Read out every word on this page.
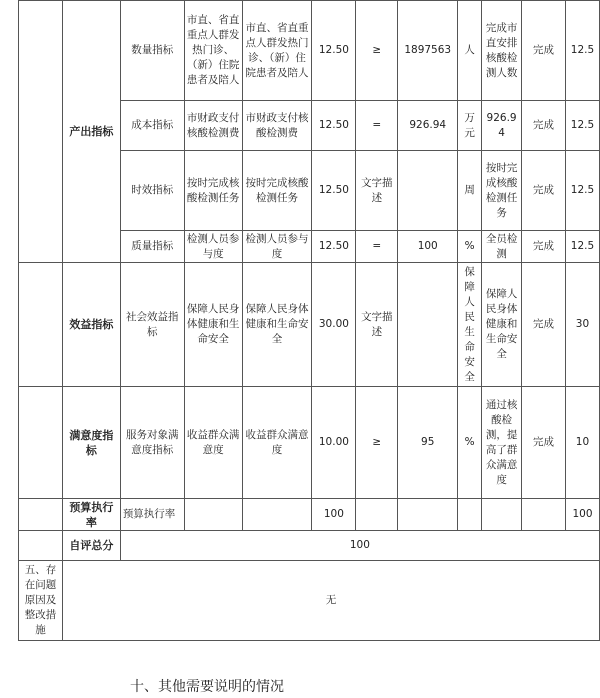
	产出指标	数量指标	市直、省直重点人群发热门诊、（新）住院患者及陪人	市直、省直重点人群发热门诊、（新）住院患者及陪人	12.50	≥	1897563	人	完成市直安排核酸检测人数	完成	12.5
		成本指标	市财政支付核酸检测费	市财政支付核酸检测费	12.50	=	926.94	万元	926.94	完成	12.5
		时效指标	按时完成核酸检测任务	按时完成核酸检测任务	12.50	文字描述		周	按时完成核酸检测任务	完成	12.5
		质量指标	检测人员参与度	检测人员参与度	12.50	=	100	%	全员检测	完成	12.5
	效益指标	社会效益指标	保障人民身体健康和生命安全	保障人民身体健康和生命安全	30.00	文字描述		保障人民生命安全	保障人民身体健康和生命安全	完成	30
	满意度指标	服务对象满意度指标	收益群众满意度	收益群众满意度	10.00	≥	95	%	通过核酸检测，提高了群众满意度	完成	10
	预算执行率	预算执行率			100						100
	自评总分	100									
五、存在问题原因及整改措施	无										
十、其他需要说明的情况
